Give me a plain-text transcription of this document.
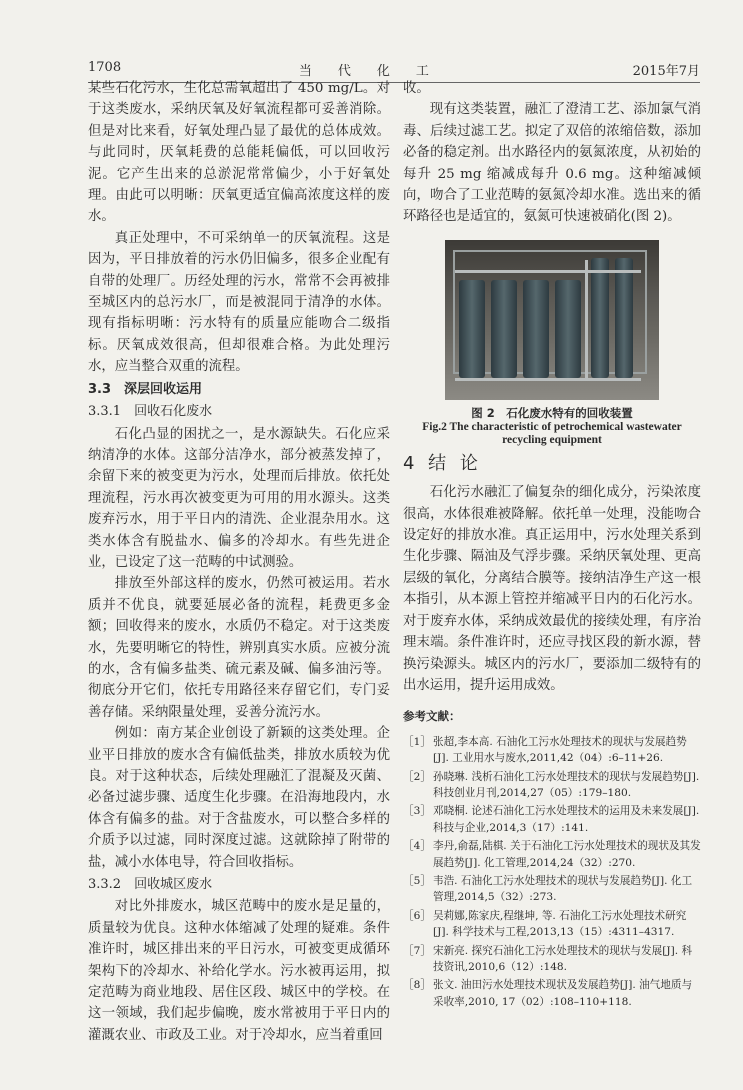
1708	当代化工	2015年7月

某些石化污水，生化总需氧超出了 450 mg/L。对于这类废水，采纳厌氧及好氧流程都可妥善消除。但是对比来看，好氧处理凸显了最优的总体成效。与此同时，厌氧耗费的总能耗偏低，可以回收污泥。它产生出来的总淤泥常常偏少，小于好氧处理。由此可以明晰：厌氧更适宜偏高浓度这样的废水。

真正处理中，不可采纳单一的厌氧流程。这是因为，平日排放着的污水仍旧偏多，很多企业配有自带的处理厂。历经处理的污水，常常不会再被排至城区内的总污水厂，而是被混同于清净的水体。现有指标明晰：污水特有的质量应能吻合二级指标。厌氧成效很高，但却很难合格。为此处理污水，应当整合双重的流程。

3.3　深层回收运用
3.3.1　回收石化废水

石化凸显的困扰之一，是水源缺失。石化应采纳清净的水体。这部分洁净水，部分被蒸发掉了，余留下来的被变更为污水，处理而后排放。依托处理流程，污水再次被变更为可用的用水源头。这类废弃污水，用于平日内的清洗、企业混杂用水。这类水体含有脱盐水、偏多的冷却水。有些先进企业，已设定了这一范畴的中试测验。

排放至外部这样的废水，仍然可被运用。若水质并不优良，就要延展必备的流程，耗费更多金额；回收得来的废水，水质仍不稳定。对于这类废水，先要明晰它的特性，辨别真实水质。应被分流的水，含有偏多盐类、硫元素及碱、偏多油污等。彻底分开它们，依托专用路径来存留它们，专门妥善存储。采纳限量处理，妥善分流污水。

例如：南方某企业创设了新颖的这类处理。企业平日排放的废水含有偏低盐类，排放水质较为优良。对于这种状态，后续处理融汇了混凝及灭菌、必备过滤步骤、适度生化步骤。在沿海地段内，水体含有偏多的盐。对于含盐废水，可以整合多样的介质予以过滤，同时深度过滤。这就除掉了附带的盐，减小水体电导，符合回收指标。

3.3.2　回收城区废水

对比外排废水，城区范畴中的废水是足量的，质量较为优良。这种水体缩减了处理的疑难。条件准许时，城区排出来的平日污水，可被变更成循环架构下的冷却水、补给化学水。污水被再运用，拟定范畴为商业地段、居住区段、城区中的学校。在这一领域，我们起步偏晚，废水常被用于平日内的灌溉农业、市政及工业。对于冷却水，应当着重回

收。

现有这类装置，融汇了澄清工艺、添加氯气消毒、后续过滤工艺。拟定了双倍的浓缩倍数，添加必备的稳定剂。出水路径内的氨氮浓度，从初始的每升 25 mg 缩减成每升 0.6 mg。这种缩减倾向，吻合了工业范畴的氨氮冷却水准。选出来的循环路径也是适宜的，氨氮可快速被硝化(图 2)。

图 2　石化废水特有的回收装置
Fig.2 The characteristic of petrochemical wastewater recycling equipment
4 结 论

石化污水融汇了偏复杂的细化成分，污染浓度很高，水体很难被降解。依托单一处理，没能吻合设定好的排放水准。真正运用中，污水处理关系到生化步骤、隔油及气浮步骤。采纳厌氧处理、更高层级的氧化，分离结合膜等。接纳洁净生产这一根本指引，从本源上管控并缩减平日内的石化污水。对于废弃水体，采纳成效最优的接续处理，有序治理末端。条件准许时，还应寻找区段的新水源，替换污染源头。城区内的污水厂，要添加二级特有的出水运用，提升运用成效。

参考文献：
［1］ 张超,李本高. 石油化工污水处理技术的现状与发展趋势[J]. 工业用水与废水,2011,42（04）:6–11+26.
［2］ 孙晓琳. 浅析石油化工污水处理技术的现状与发展趋势[J]. 科技创业月刊,2014,27（05）:179–180.
［3］ 邓晓桐. 论述石油化工污水处理技术的运用及未来发展[J]. 科技与企业,2014,3（17）:141.
［4］ 李丹,俞磊,陆棋. 关于石油化工污水处理技术的现状及其发展趋势[J]. 化工管理,2014,24（32）:270.
［5］ 韦浩. 石油化工污水处理技术的现状与发展趋势[J]. 化工管理,2014,5（32）:273.
［6］ 吴莉娜,陈家庆,程继坤, 等. 石油化工污水处理技术研究[J]. 科学技术与工程,2013,13（15）:4311–4317.
［7］ 宋新亮. 探究石油化工污水处理技术的现状与发展[J]. 科技资讯,2010,6（12）:148.
［8］ 张文. 油田污水处理技术现状及发展趋势[J]. 油气地质与采收率,2010, 17（02）:108–110+118.
